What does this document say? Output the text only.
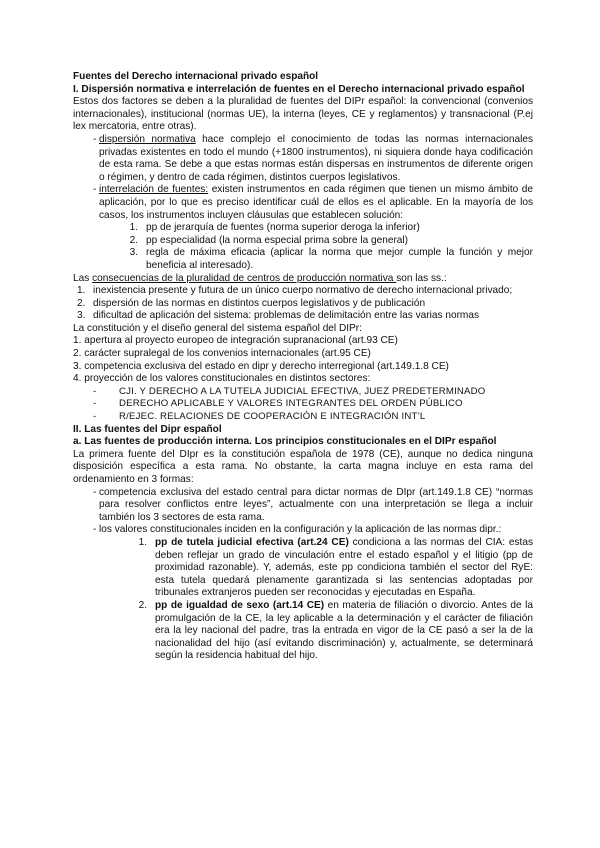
Fuentes del Derecho internacional privado español

I. Dispersión normativa e interrelación de fuentes en el Derecho internacional privado español

Estos dos factores se deben a la pluralidad de fuentes del DIPr español: la convencional (convenios internacionales), institucional (normas UE), la interna (leyes, CE y reglamentos) y transnacional (P.ej lex mercatoria, entre otras).

- dispersión normativa hace complejo el conocimiento de todas las normas internacionales privadas existentes en todo el mundo (+1800 instrumentos), ni siquiera donde haya codificación de esta rama. Se debe a que estas normas están dispersas en instrumentos de diferente origen o régimen, y dentro de cada régimen, distintos cuerpos legislativos.
- interrelación de fuentes: existen instrumentos en cada régimen que tienen un mismo ámbito de aplicación, por lo que es preciso identificar cuál de ellos es el aplicable. En la mayoría de los casos, los instrumentos incluyen cláusulas que establecen solución:
1. pp de jerarquía de fuentes (norma superior deroga la inferior)
2. pp especialidad (la norma especial prima sobre la general)
3. regla de máxima eficacia (aplicar la norma que mejor cumple la función y mejor beneficia al interesado).

Las consecuencias de la pluralidad de centros de producción normativa son las ss.:

1. inexistencia presente y futura de un único cuerpo normativo de derecho internacional privado;
2. dispersión de las normas en distintos cuerpos legislativos y de publicación
3. dificultad de aplicación del sistema: problemas de delimitación entre las varias normas

La constitución y el diseño general del sistema español del DIPr:

1. apertura al proyecto europeo de integración supranacional (art.93 CE)

2. carácter supralegal de los convenios internacionales (art.95 CE)

3. competencia exclusiva del estado en dipr y derecho interregional (art.149.1.8 CE)

4. proyección de los valores constitucionales en distintos sectores:

-	CJI. Y DERECHO A LA TUTELA JUDICIAL EFECTIVA, JUEZ PREDETERMINADO
-	DERECHO APLICABLE Y VALORES INTEGRANTES DEL ORDEN PÚBLICO
-	R/EJEC. RELACIONES DE COOPERACIÓN E INTEGRACIÓN INT’L

II. Las fuentes del Dipr español

a. Las fuentes de producción interna. Los principios constitucionales en el DIPr español

La primera fuente del DIpr es la constitución española de 1978 (CE), aunque no dedica ninguna disposición específica a esta rama. No obstante, la carta magna incluye en esta rama del ordenamiento en 3 formas:

- competencia exclusiva del estado central para dictar normas de DIpr (art.149.1.8 CE) “normas para resolver conflictos entre leyes”, actualmente con una interpretación se llega a incluir también los 3 sectores de esta rama.
- los valores constitucionales inciden en la configuración y la aplicación de las normas dipr.:
1. pp de tutela judicial efectiva (art.24 CE) condiciona a las normas del CIA: estas deben reflejar un grado de vinculación entre el estado español y el litigio (pp de proximidad razonable). Y, además, este pp condiciona también el sector del RyE: esta tutela quedará plenamente garantizada si las sentencias adoptadas por tribunales extranjeros pueden ser reconocidas y ejecutadas en España.
2. pp de igualdad de sexo (art.14 CE) en materia de filiación o divorcio. Antes de la promulgación de la CE, la ley aplicable a la determinación y el carácter de filiación era la ley nacional del padre, tras la entrada en vigor de la CE pasó a ser la de la nacionalidad del hijo (así evitando discriminación) y, actualmente, se determinará según la residencia habitual del hijo.
